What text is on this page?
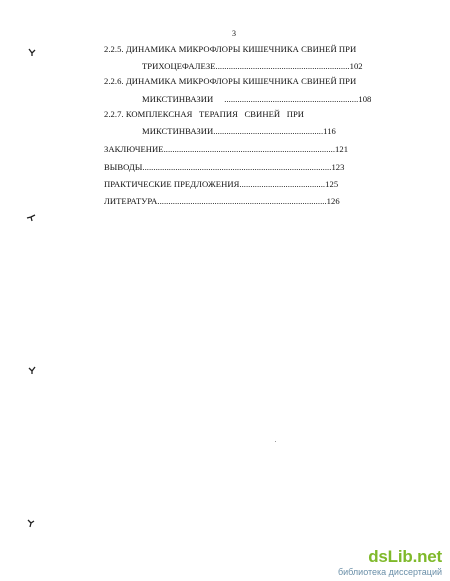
3
2.2.5. ДИНАМИКА МИКРОФЛОРЫ КИШЕЧНИКА СВИНЕЙ ПРИ
ТРИХОЦЕФАЛЕЗЕ.............................................................102
2.2.6. ДИНАМИКА МИКРОФЛОРЫ КИШЕЧНИКА СВИНЕЙ ПРИ
МИКСТИНВАЗИИ     .............................................................108
2.2.7. КОМПЛЕКСНАЯ   ТЕРАПИЯ   СВИНЕЙ   ПРИ
МИКСТИНВАЗИИ..................................................116
ЗАКЛЮЧЕНИЕ..............................................................................121
ВЫВОДЫ......................................................................................123
ПРАКТИЧЕСКИЕ ПРЕДЛОЖЕНИЯ.......................................125
ЛИТЕРАТУРА.............................................................................126
dsLib.net
библиотека диссертаций
